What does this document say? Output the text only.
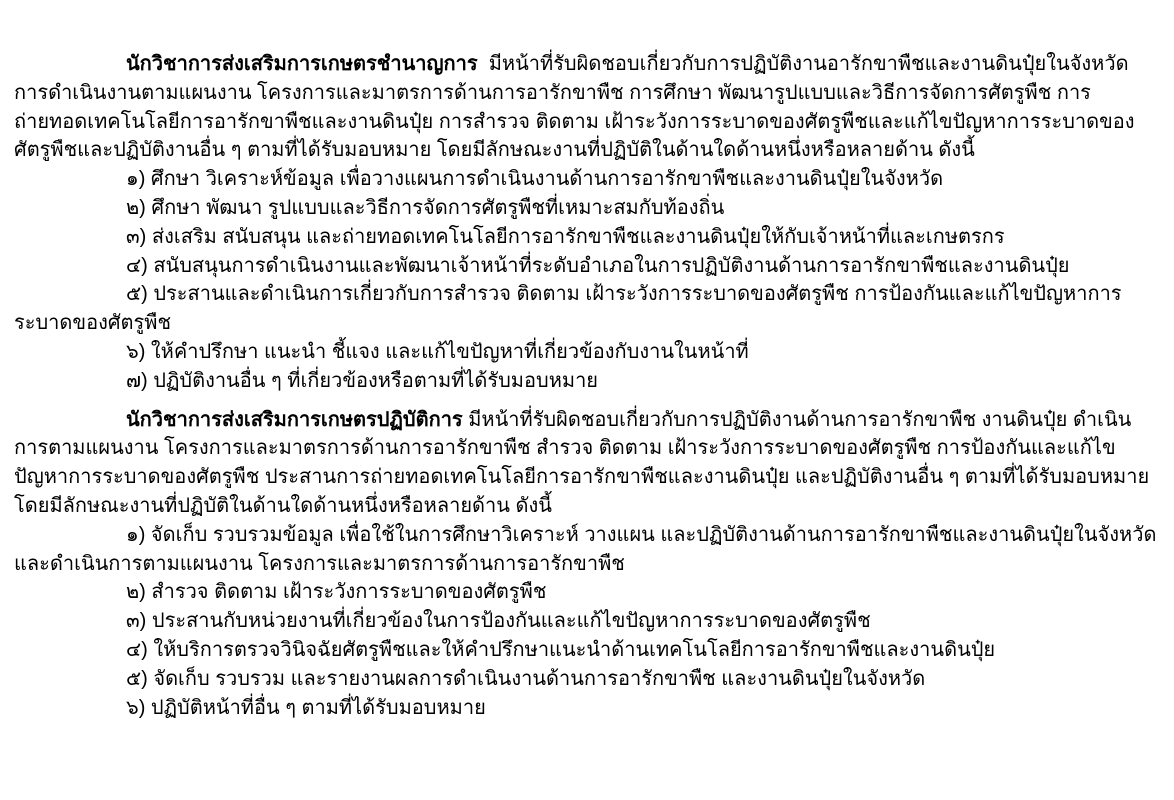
นักวิชาการส่งเสริมการเกษตรชำนาญการ  มีหน้าที่รับผิดชอบเกี่ยวกับการปฏิบัติงานอารักขาพืชและงานดินปุ๋ยในจังหวัด การดำเนินงานตามแผนงาน โครงการและมาตรการด้านการอารักขาพืช การศึกษา พัฒนารูปแบบและวิธีการจัดการศัตรูพืช การถ่ายทอดเทคโนโลยีการอารักขาพืชและงานดินปุ๋ย การสำรวจ ติดตาม เฝ้าระวังการระบาดของศัตรูพืชและแก้ไขปัญหาการระบาดของศัตรูพืชและปฏิบัติงานอื่น ๆ ตามที่ได้รับมอบหมาย โดยมีลักษณะงานที่ปฏิบัติในด้านใดด้านหนึ่งหรือหลายด้าน ดังนี้

๑) ศึกษา วิเคราะห์ข้อมูล เพื่อวางแผนการดำเนินงานด้านการอารักขาพืชและงานดินปุ๋ยในจังหวัด

๒) ศึกษา พัฒนา รูปแบบและวิธีการจัดการศัตรูพืชที่เหมาะสมกับท้องถิ่น

๓) ส่งเสริม สนับสนุน และถ่ายทอดเทคโนโลยีการอารักขาพืชและงานดินปุ๋ยให้กับเจ้าหน้าที่และเกษตรกร

๔) สนับสนุนการดำเนินงานและพัฒนาเจ้าหน้าที่ระดับอำเภอในการปฏิบัติงานด้านการอารักขาพืชและงานดินปุ๋ย

๕) ประสานและดำเนินการเกี่ยวกับการสำรวจ ติดตาม เฝ้าระวังการระบาดของศัตรูพืช การป้องกันและแก้ไขปัญหาการระบาดของศัตรูพืช

๖) ให้คำปรึกษา แนะนำ ชี้แจง และแก้ไขปัญหาที่เกี่ยวข้องกับงานในหน้าที่

๗) ปฏิบัติงานอื่น ๆ ที่เกี่ยวข้องหรือตามที่ได้รับมอบหมาย

นักวิชาการส่งเสริมการเกษตรปฏิบัติการ มีหน้าที่รับผิดชอบเกี่ยวกับการปฏิบัติงานด้านการอารักขาพืช งานดินปุ๋ย ดำเนินการตามแผนงาน โครงการและมาตรการด้านการอารักขาพืช สำรวจ ติดตาม เฝ้าระวังการระบาดของศัตรูพืช การป้องกันและแก้ไขปัญหาการระบาดของศัตรูพืช ประสานการถ่ายทอดเทคโนโลยีการอารักขาพืชและงานดินปุ๋ย และปฏิบัติงานอื่น ๆ ตามที่ได้รับมอบหมาย  โดยมีลักษณะงานที่ปฏิบัติในด้านใดด้านหนึ่งหรือหลายด้าน ดังนี้

๑) จัดเก็บ รวบรวมข้อมูล เพื่อใช้ในการศึกษาวิเคราะห์ วางแผน และปฏิบัติงานด้านการอารักขาพืชและงานดินปุ๋ยในจังหวัดและดำเนินการตามแผนงาน โครงการและมาตรการด้านการอารักขาพืช

๒) สำรวจ ติดตาม เฝ้าระวังการระบาดของศัตรูพืช

๓) ประสานกับหน่วยงานที่เกี่ยวข้องในการป้องกันและแก้ไขปัญหาการระบาดของศัตรูพืช

๔) ให้บริการตรวจวินิจฉัยศัตรูพืชและให้คำปรึกษาแนะนำด้านเทคโนโลยีการอารักขาพืชและงานดินปุ๋ย

๕) จัดเก็บ รวบรวม และรายงานผลการดำเนินงานด้านการอารักขาพืช และงานดินปุ๋ยในจังหวัด

๖) ปฏิบัติหน้าที่อื่น ๆ ตามที่ได้รับมอบหมาย
